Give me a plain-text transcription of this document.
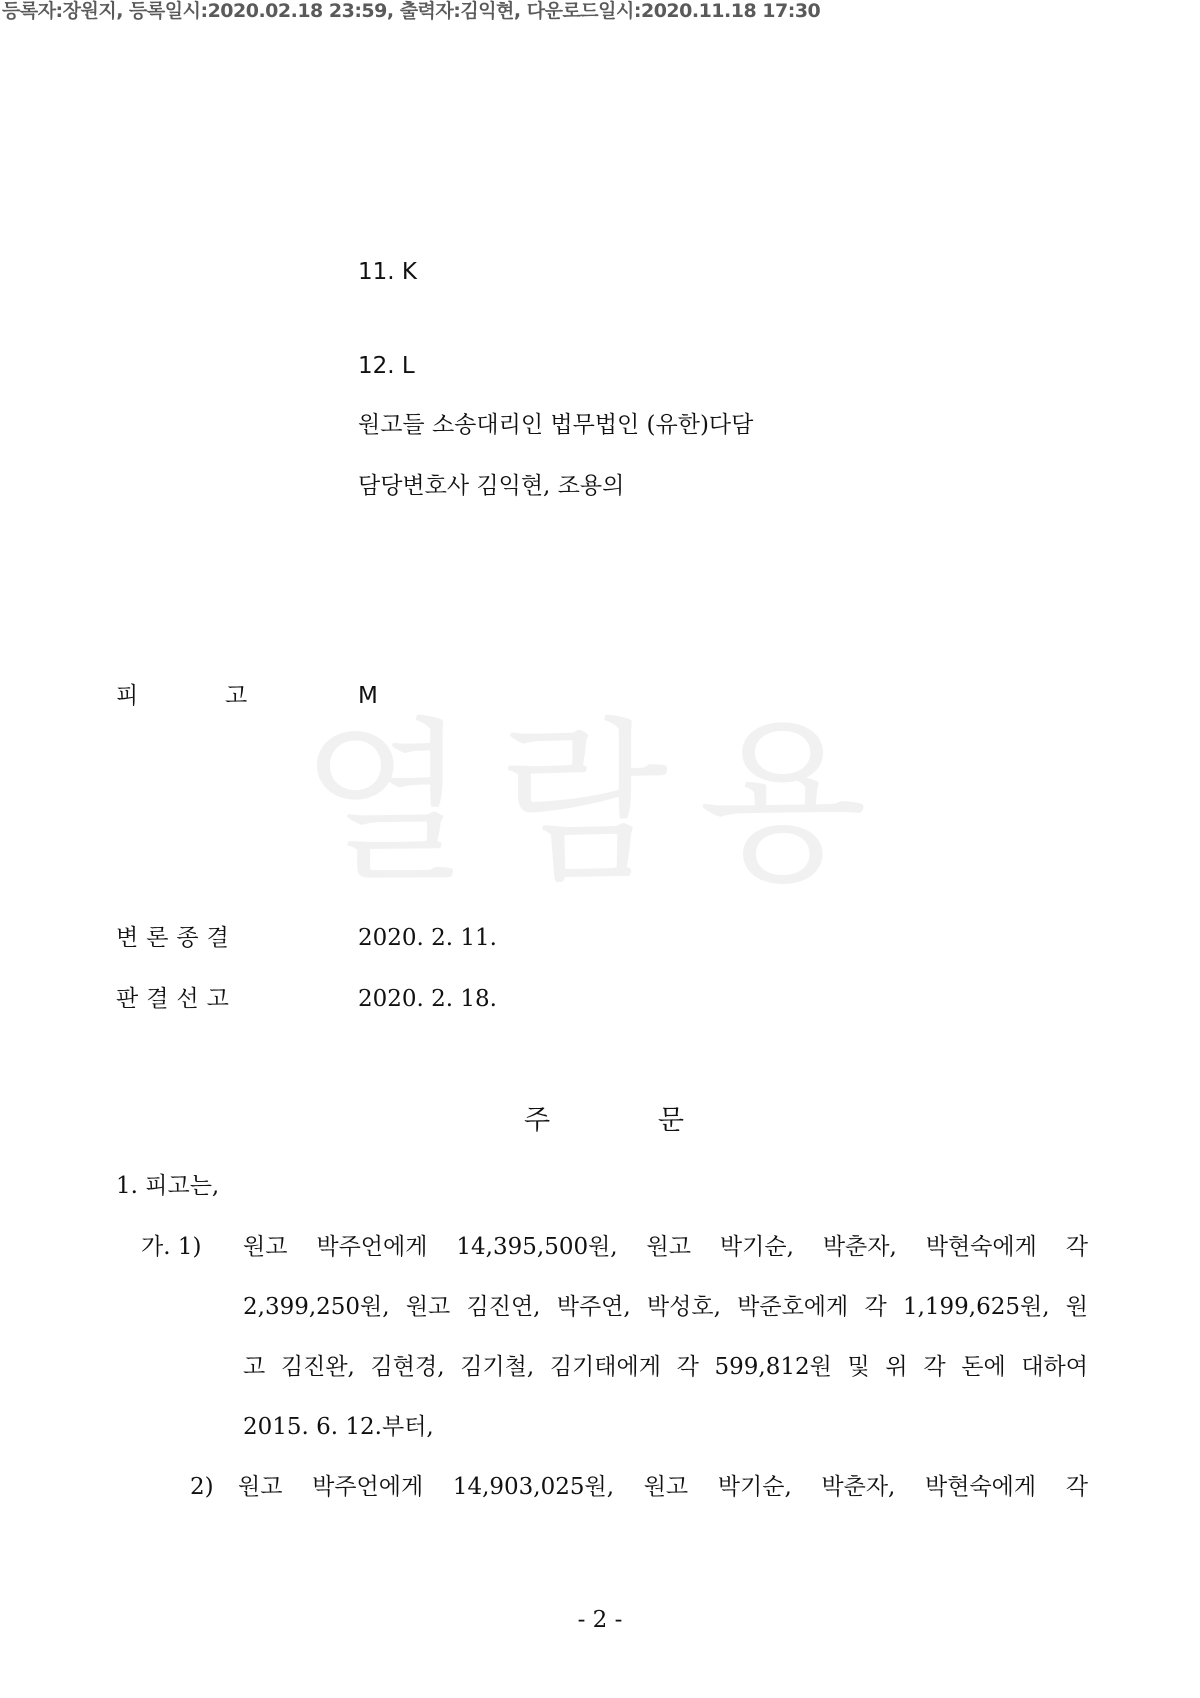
등록자:장원지, 등록일시:2020.02.18 23:59, 출력자:김익현, 다운로드일시:2020.11.18 17:30
열람용
11. K
12. L
원고들 소송대리인 법무법인 (유한)다담
담당변호사 김익현, 조용의
피	고	M
변론종결	2020. 2. 11.
판결선고	2020. 2. 18.
주	문
1. 피고는,
가. 1) 원고 박주언에게 14,395,500원, 원고 박기순, 박춘자, 박현숙에게 각
2,399,250원, 원고 김진연, 박주연, 박성호, 박준호에게 각 1,199,625원, 원
고 김진완, 김현경, 김기철, 김기태에게 각 599,812원 및 위 각 돈에 대하여
2015. 6. 12.부터,
2) 원고 박주언에게 14,903,025원, 원고 박기순, 박춘자, 박현숙에게 각
- 2 -
